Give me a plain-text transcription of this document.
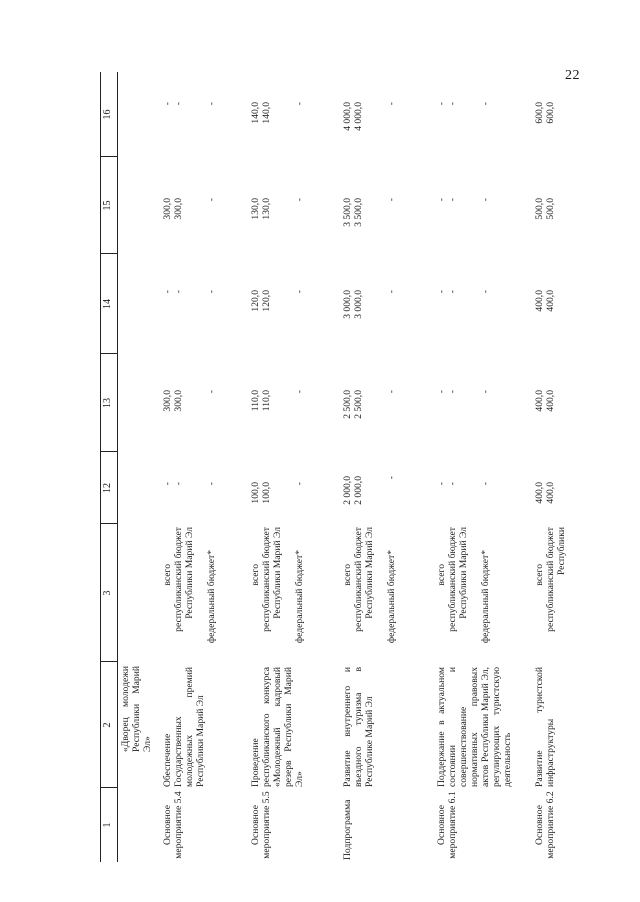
22
1
2
3
12
13
14
15
16
«Дворец молодежи Республики Марий Эл»
Основное мероприятие 5.4
Обеспечение Государственных молодежных премий Республики Марий Эл
всего республиканский бюджет Республики Марий Эл федеральный бюджет*
- - -
300,0 300,0 -
- - -
300,0 300,0 -
- - -
Основное мероприятие 5.5
Проведение республиканского конкурса «Молодежный кадровый резерв Республики Марий Эл»
всего республиканский бюджет Республики Марий Эл федеральный бюджет*
100,0 100,0 -
110,0 110,0 -
120,0 120,0 -
130,0 130,0 -
140,0 140,0 -
Подпрограмма
Развитие внутреннего и въездного туризма в Республике Марий Эл
всего республиканский бюджет Республики Марий Эл федеральный бюджет*
2 000,0 2 000,0 -
2 500,0 2 500,0 -
3 000,0 3 000,0 -
3 500,0 3 500,0 -
4 000,0 4 000,0 -
Основное мероприятие 6.1
Поддержание в актуальном состоянии и совершенствование нормативных правовых актов Республики Марий Эл, регулирующих туристскую деятельность
всего республиканский бюджет Республики Марий Эл федеральный бюджет*
- - -
- - -
- - -
- - -
- - -
Основное мероприятие 6.2
Развитие туристской инфраструктуры
всего республиканский бюджет Республики
400,0 400,0
400,0 400,0
400,0 400,0
500,0 500,0
600,0 600,0
